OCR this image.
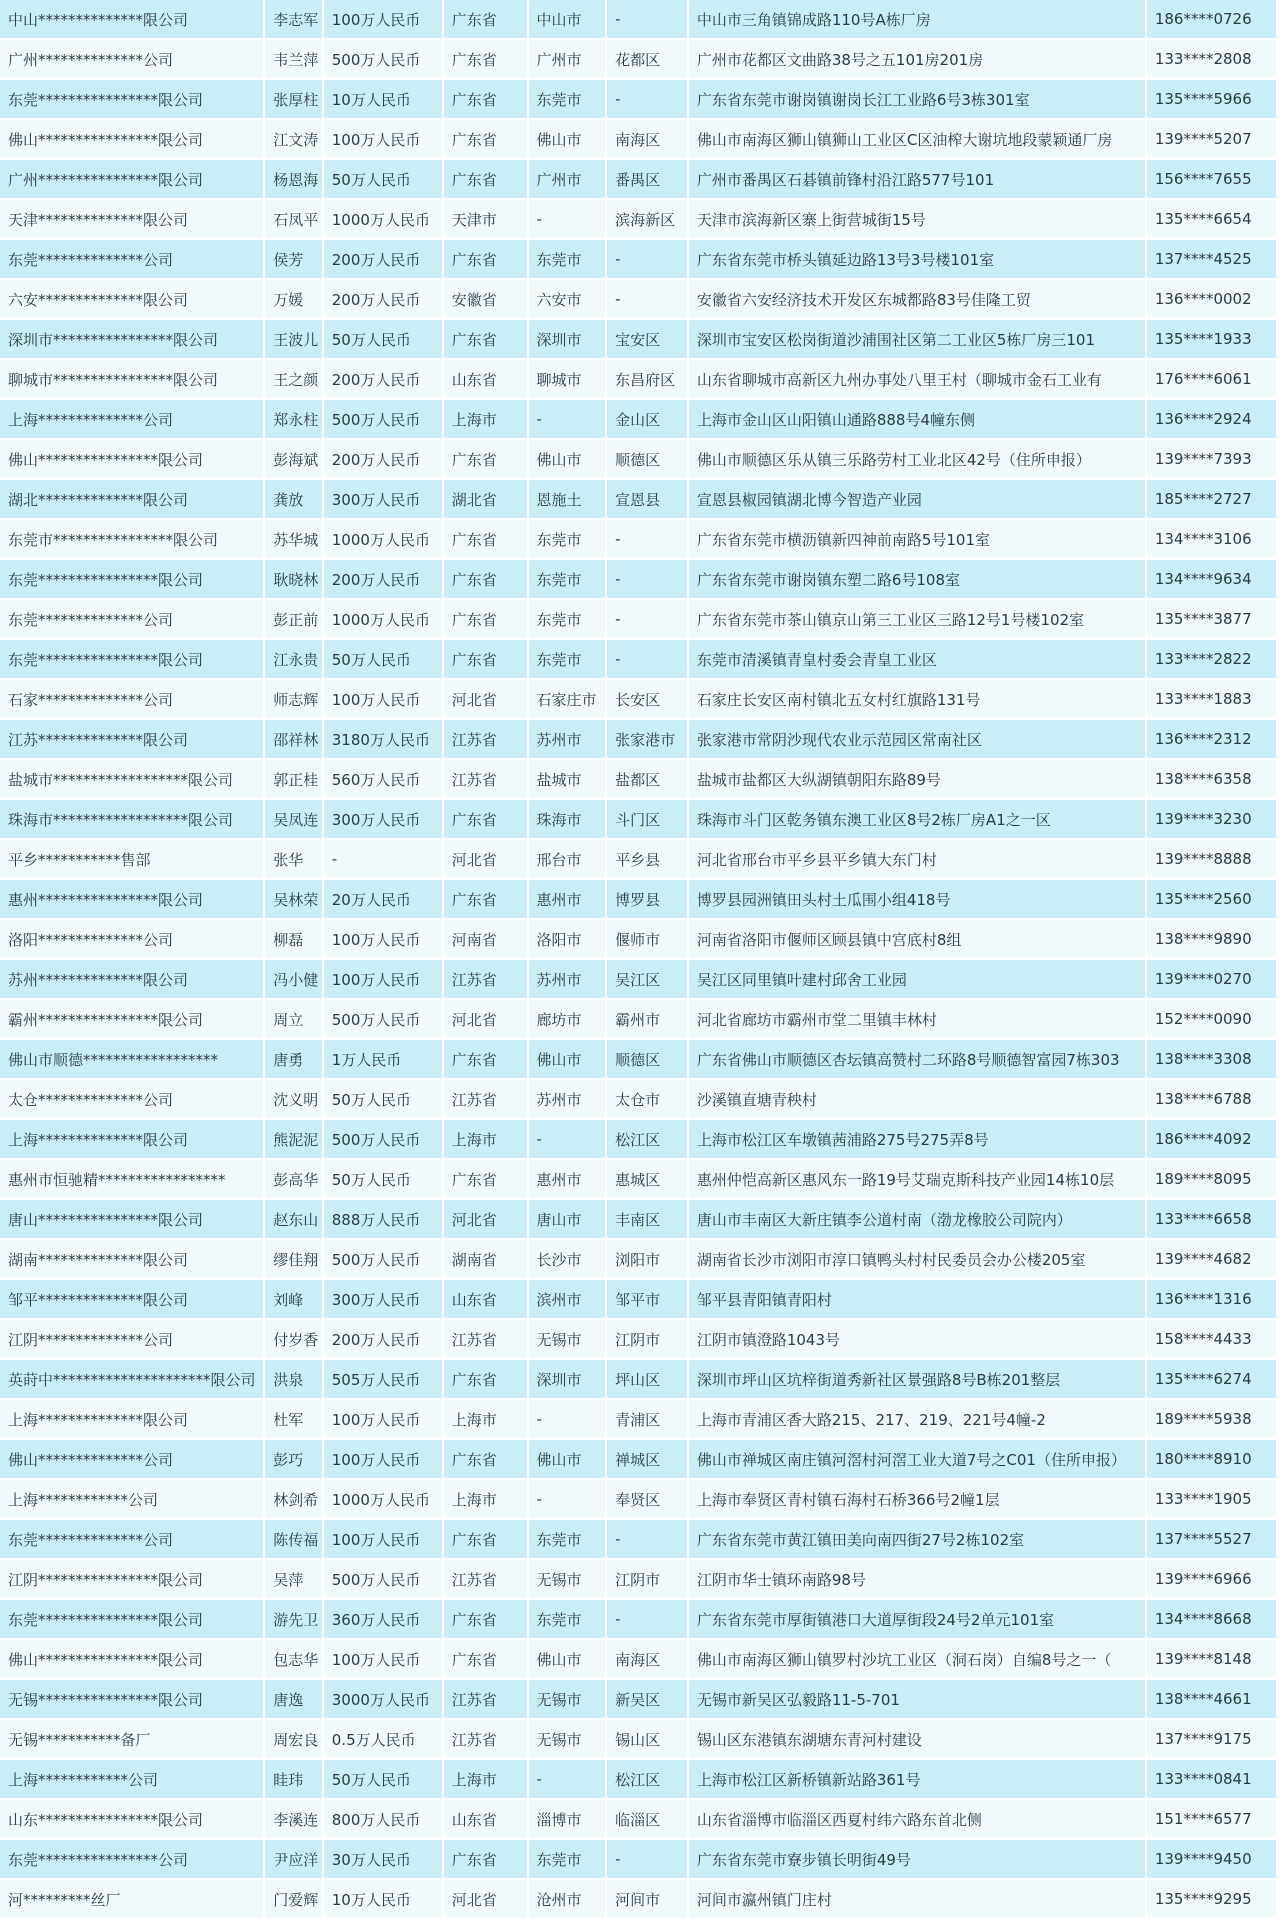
中山**************限公司	李志军	100万人民币	广东省	中山市	-	中山市三角镇锦成路110号A栋厂房	186****0726
广州**************公司	韦兰萍	500万人民币	广东省	广州市	花都区	广州市花都区文曲路38号之五101房201房	133****2808
东莞****************限公司	张厚柱	10万人民币	广东省	东莞市	-	广东省东莞市谢岗镇谢岗长江工业路6号3栋301室	135****5966
佛山****************限公司	江文涛	100万人民币	广东省	佛山市	南海区	佛山市南海区狮山镇狮山工业区C区油榨大谢坑地段蒙颖通厂房	139****5207
广州****************限公司	杨恩海	50万人民币	广东省	广州市	番禺区	广州市番禺区石碁镇前锋村沿江路577号101	156****7655
天津**************限公司	石凤平	1000万人民币	天津市	-	滨海新区	天津市滨海新区寨上街营城街15号	135****6654
东莞**************公司	侯芳	200万人民币	广东省	东莞市	-	广东省东莞市桥头镇延边路13号3号楼101室	137****4525
六安**************限公司	万媛	200万人民币	安徽省	六安市	-	安徽省六安经济技术开发区东城都路83号佳隆工贸	136****0002
深圳市****************限公司	王波儿	50万人民币	广东省	深圳市	宝安区	深圳市宝安区松岗街道沙浦围社区第二工业区5栋厂房三101	135****1933
聊城市****************限公司	王之颜	200万人民币	山东省	聊城市	东昌府区	山东省聊城市高新区九州办事处八里王村（聊城市金石工业有	176****6061
上海**************公司	郑永柱	500万人民币	上海市	-	金山区	上海市金山区山阳镇山通路888号4幢东侧	136****2924
佛山****************限公司	彭海斌	200万人民币	广东省	佛山市	顺德区	佛山市顺德区乐从镇三乐路劳村工业北区42号（住所申报）	139****7393
湖北**************限公司	龚放	300万人民币	湖北省	恩施土	宣恩县	宣恩县椒园镇湖北博今智造产业园	185****2727
东莞市****************限公司	苏华城	1000万人民币	广东省	东莞市	-	广东省东莞市横沥镇新四神前南路5号101室	134****3106
东莞****************限公司	耿晓林	200万人民币	广东省	东莞市	-	广东省东莞市谢岗镇东塑二路6号108室	134****9634
东莞**************公司	彭正前	1000万人民币	广东省	东莞市	-	广东省东莞市茶山镇京山第三工业区三路12号1号楼102室	135****3877
东莞****************限公司	江永贵	50万人民币	广东省	东莞市	-	东莞市清溪镇青皇村委会青皇工业区	133****2822
石家**************公司	师志辉	100万人民币	河北省	石家庄市	长安区	石家庄长安区南村镇北五女村红旗路131号	133****1883
江苏**************限公司	邵祥林	3180万人民币	江苏省	苏州市	张家港市	张家港市常阴沙现代农业示范园区常南社区	136****2312
盐城市******************限公司	郭正桂	560万人民币	江苏省	盐城市	盐都区	盐城市盐都区大纵湖镇朝阳东路89号	138****6358
珠海市******************限公司	吴凤连	300万人民币	广东省	珠海市	斗门区	珠海市斗门区乾务镇东澳工业区8号2栋厂房A1之一区	139****3230
平乡***********售部	张华	-	河北省	邢台市	平乡县	河北省邢台市平乡县平乡镇大东门村	139****8888
惠州****************限公司	吴林荣	20万人民币	广东省	惠州市	博罗县	博罗县园洲镇田头村土瓜围小组418号	135****2560
洛阳**************公司	柳磊	100万人民币	河南省	洛阳市	偃师市	河南省洛阳市偃师区顾县镇中宫底村8组	138****9890
苏州**************限公司	冯小健	100万人民币	江苏省	苏州市	吴江区	吴江区同里镇叶建村邱舍工业园	139****0270
霸州****************限公司	周立	500万人民币	河北省	廊坊市	霸州市	河北省廊坊市霸州市堂二里镇丰林村	152****0090
佛山市顺德******************	唐勇	1万人民币	广东省	佛山市	顺德区	广东省佛山市顺德区杏坛镇高赞村二环路8号顺德智富园7栋303	138****3308
太仓**************公司	沈义明	50万人民币	江苏省	苏州市	太仓市	沙溪镇直塘青秧村	138****6788
上海**************限公司	熊泥泥	500万人民币	上海市	-	松江区	上海市松江区车墩镇茜浦路275号275弄8号	186****4092
惠州市恒驰精*****************	彭高华	50万人民币	广东省	惠州市	惠城区	惠州仲恺高新区惠风东一路19号艾瑞克斯科技产业园14栋10层	189****8095
唐山****************限公司	赵东山	888万人民币	河北省	唐山市	丰南区	唐山市丰南区大新庄镇李公道村南（渤龙橡胶公司院内）	133****6658
湖南**************限公司	缪佳翔	500万人民币	湖南省	长沙市	浏阳市	湖南省长沙市浏阳市淳口镇鸭头村村民委员会办公楼205室	139****4682
邹平**************限公司	刘峰	300万人民币	山东省	滨州市	邹平市	邹平县青阳镇青阳村	136****1316
江阴**************公司	付岁香	200万人民币	江苏省	无锡市	江阴市	江阴市镇澄路1043号	158****4433
英莳中*********************限公司	洪泉	505万人民币	广东省	深圳市	坪山区	深圳市坪山区坑梓街道秀新社区景强路8号B栋201整层	135****6274
上海**************限公司	杜军	100万人民币	上海市	-	青浦区	上海市青浦区香大路215、217、219、221号4幢-2	189****5938
佛山**************公司	彭巧	100万人民币	广东省	佛山市	禅城区	佛山市禅城区南庄镇河滘村河滘工业大道7号之C01（住所申报）	180****8910
上海************公司	林剑希	1000万人民币	上海市	-	奉贤区	上海市奉贤区青村镇石海村石桥366号2幢1层	133****1905
东莞**************公司	陈传福	100万人民币	广东省	东莞市	-	广东省东莞市黄江镇田美向南四街27号2栋102室	137****5527
江阴****************限公司	吴萍	500万人民币	江苏省	无锡市	江阴市	江阴市华士镇环南路98号	139****6966
东莞****************限公司	游先卫	360万人民币	广东省	东莞市	-	广东省东莞市厚街镇港口大道厚街段24号2单元101室	134****8668
佛山****************限公司	包志华	100万人民币	广东省	佛山市	南海区	佛山市南海区狮山镇罗村沙坑工业区（洞石岗）自编8号之一（	139****8148
无锡****************限公司	唐逸	3000万人民币	江苏省	无锡市	新吴区	无锡市新吴区弘毅路11-5-701	138****4661
无锡***********备厂	周宏良	0.5万人民币	江苏省	无锡市	锡山区	锡山区东港镇东湖塘东青河村建设	137****9175
上海************公司	眭玮	50万人民币	上海市	-	松江区	上海市松江区新桥镇新站路361号	133****0841
山东****************限公司	李溪连	800万人民币	山东省	淄博市	临淄区	山东省淄博市临淄区西夏村纬六路东首北侧	151****6577
东莞****************公司	尹应洋	30万人民币	广东省	东莞市	-	广东省东莞市寮步镇长明街49号	139****9450
河*********丝厂	门爱辉	10万人民币	河北省	沧州市	河间市	河间市瀛州镇门庄村	135****9295
